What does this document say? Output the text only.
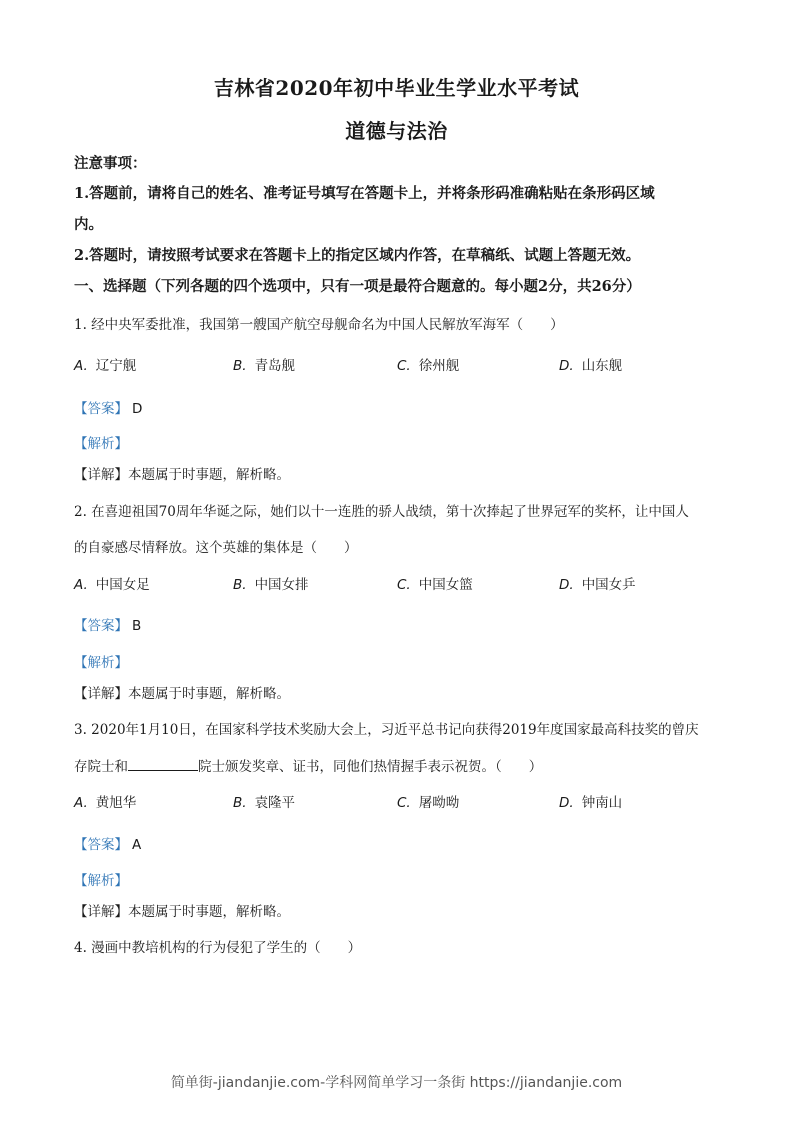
吉林省2020年初中毕业生学业水平考试
道德与法治
注意事项：
1.答题前，请将自己的姓名、准考证号填写在答题卡上，并将条形码准确粘贴在条形码区域
内。
2.答题时，请按照考试要求在答题卡上的指定区域内作答，在草稿纸、试题上答题无效。
一、选择题（下列各题的四个选项中，只有一项是最符合题意的。每小题2分，共26分）
1. 经中央军委批准，我国第一艘国产航空母舰命名为中国人民解放军海军（　　）
A. 辽宁舰	B. 青岛舰	C. 徐州舰	D. 山东舰
【答案】 D
【解析】
【详解】本题属于时事题，解析略。
2. 在喜迎祖国70周年华诞之际，她们以十一连胜的骄人战绩，第十次捧起了世界冠军的奖杯，让中国人
的自豪感尽情释放。这个英雄的集体是（　　）
A. 中国女足	B. 中国女排	C. 中国女篮	D. 中国女乒
【答案】 B
【解析】
【详解】本题属于时事题，解析略。
3. 2020年1月10日，在国家科学技术奖励大会上，习近平总书记向获得2019年度国家最高科技奖的曾庆
存院士和	院士颁发奖章、证书，同他们热情握手表示祝贺。（　　）
A. 黄旭华	B. 袁隆平	C. 屠呦呦	D. 钟南山
【答案】 A
【解析】
【详解】本题属于时事题，解析略。
4. 漫画中教培机构的行为侵犯了学生的（　　）
简单街-jiandanjie.com-学科网简单学习一条街 https://jiandanjie.com
